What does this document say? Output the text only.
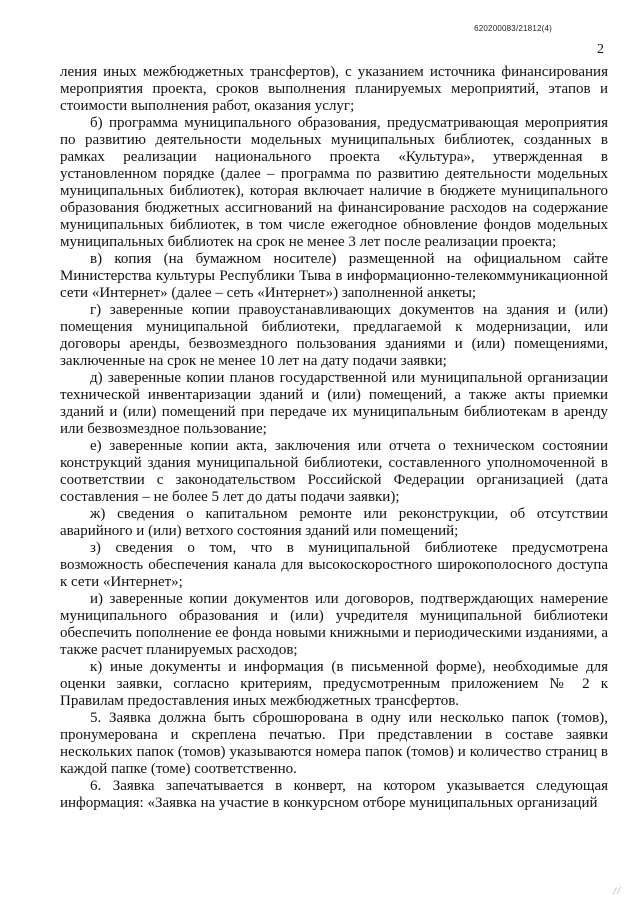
620200083/21812(4)
2

ления иных межбюджетных трансфертов), с указанием источника финансирования мероприятия проекта, сроков выполнения планируемых мероприятий, этапов и стоимости выполнения работ, оказания услуг;

б) программа муниципального образования, предусматривающая мероприятия по развитию деятельности модельных муниципальных библиотек, созданных в рамках реализации национального проекта «Культура», утвержденная в установленном порядке (далее – программа по развитию деятельности модельных муниципальных библиотек), которая включает наличие в бюджете муниципального образования бюджетных ассигнований на финансирование расходов на содержание муниципальных библиотек, в том числе ежегодное обновление фондов модельных муниципальных библиотек на срок не менее 3 лет после реализации проекта;

в) копия (на бумажном носителе) размещенной на официальном сайте Министерства культуры Республики Тыва в информационно-телекоммуникационной сети «Интернет» (далее – сеть «Интернет») заполненной анкеты;

г) заверенные копии правоустанавливающих документов на здания и (или) помещения муниципальной библиотеки, предлагаемой к модернизации, или договоры аренды, безвозмездного пользования зданиями и (или) помещениями, заключенные на срок не менее 10 лет на дату подачи заявки;

д) заверенные копии планов государственной или муниципальной организации технической инвентаризации зданий и (или) помещений, а также акты приемки зданий и (или) помещений при передаче их муниципальным библиотекам в аренду или безвозмездное пользование;

е) заверенные копии акта, заключения или отчета о техническом состоянии конструкций здания муниципальной библиотеки, составленного уполномоченной в соответствии с законодательством Российской Федерации организацией (дата составления – не более 5 лет до даты подачи заявки);

ж) сведения о капитальном ремонте или реконструкции, об отсутствии аварийного и (или) ветхого состояния зданий или помещений;

з) сведения о том, что в муниципальной библиотеке предусмотрена возможность обеспечения канала для высокоскоростного широкополосного доступа к сети «Интернет»;

и) заверенные копии документов или договоров, подтверждающих намерение муниципального образования и (или) учредителя муниципальной библиотеки обеспечить пополнение ее фонда новыми книжными и периодическими изданиями, а также расчет планируемых расходов;

к) иные документы и информация (в письменной форме), необходимые для оценки заявки, согласно критериям, предусмотренным приложением № 2 к Правилам предоставления иных межбюджетных трансфертов.

5. Заявка должна быть сброшюрована в одну или несколько папок (томов), пронумерована и скреплена печатью. При представлении в составе заявки нескольких папок (томов) указываются номера папок (томов) и количество страниц в каждой папке (томе) соответственно.

6. Заявка запечатывается в конверт, на котором указывается следующая информация: «Заявка на участие в конкурсном отборе муниципальных организаций

⁄ ⁄
